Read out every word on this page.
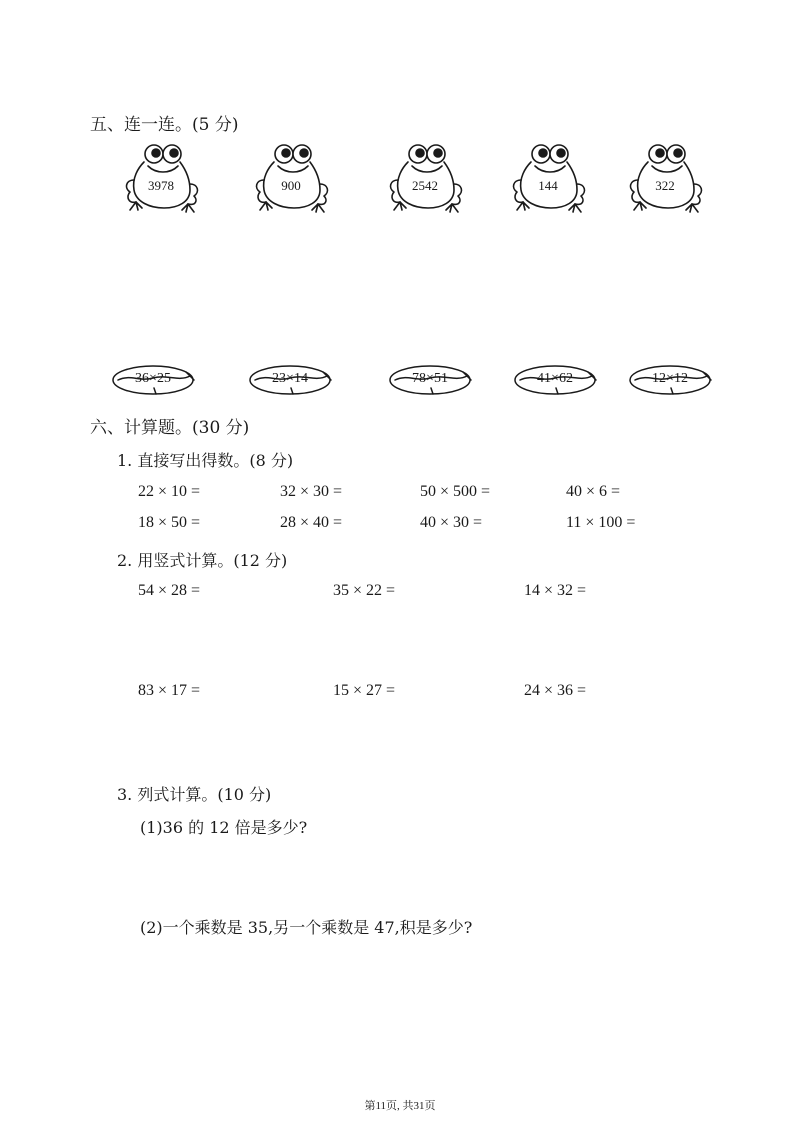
五、连一连。(5 分)
3978	900	2542	144	322
36×25	23×14	78×51	41×62	12×12
六、计算题。(30 分)
1. 直接写出得数。(8 分)
22 × 10 =	32 × 30 =	50 × 500 =	40 × 6 =
18 × 50 =	28 × 40 =	40 × 30 =	11 × 100 =
2. 用竖式计算。(12 分)
54 × 28 =	35 × 22 =	14 × 32 =
83 × 17 =	15 × 27 =	24 × 36 =
3. 列式计算。(10 分)
(1)36 的 12 倍是多少?
(2)一个乘数是 35,另一个乘数是 47,积是多少?
第11页, 共31页
